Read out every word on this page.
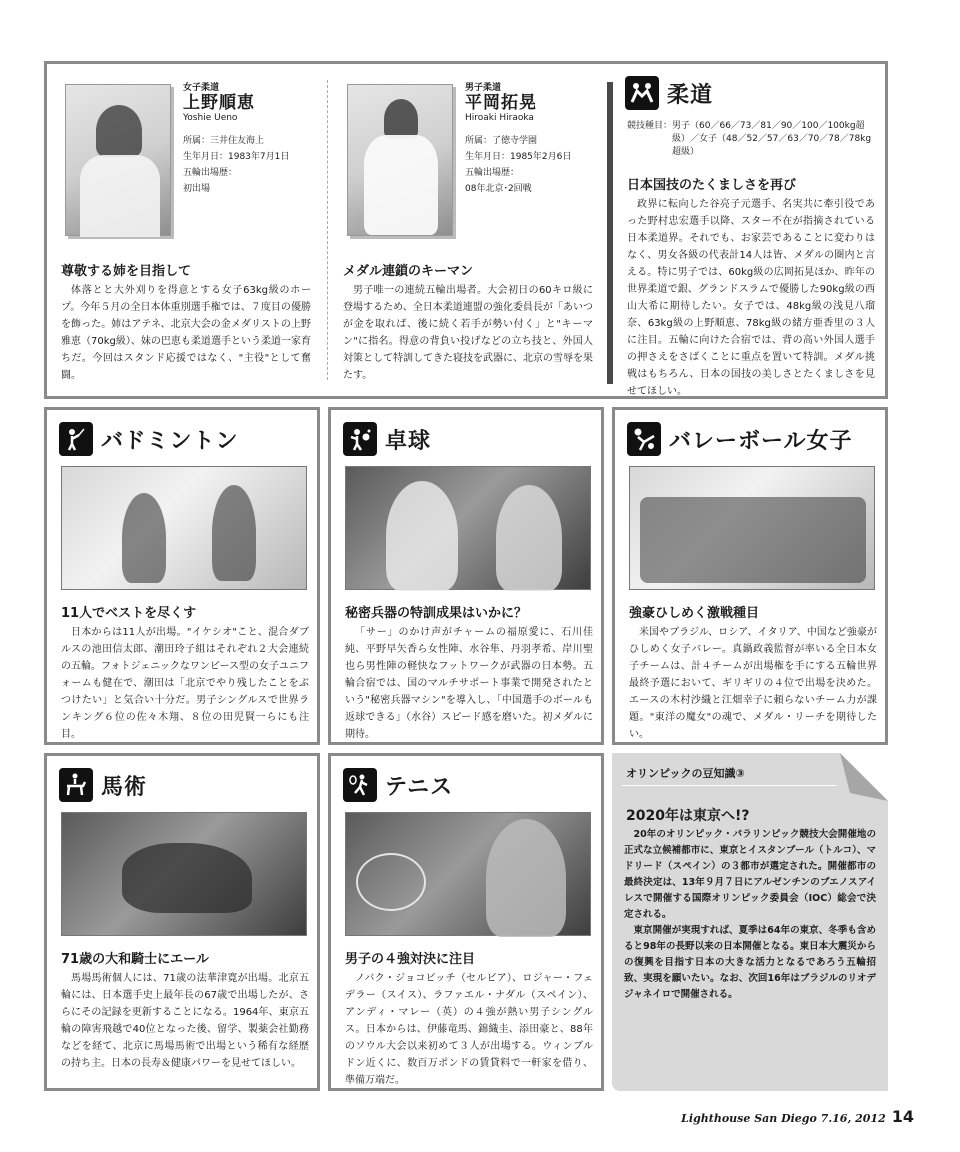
女子柔道
上野順恵
Yoshie Ueno
所属：三井住友海上
生年月日：1983年7月1日
五輪出場歴：
初出場
尊敬する姉を目指して
体落とと大外刈りを得意とする女子63kg級のホープ。今年５月の全日本体重別選手権では、７度目の優勝を飾った。姉はアテネ、北京大会の金メダリストの上野雅恵（70kg級）、妹の巴恵も柔道選手という柔道一家育ちだ。今回はスタンド応援ではなく、"主役"として奮闘。
男子柔道
平岡拓晃
Hiroaki Hiraoka
所属：了徳寺学園
生年月日：1985年2月6日
五輪出場歴：
08年北京･2回戦
メダル連鎖のキーマン
男子唯一の連続五輪出場者。大会初日の60キロ級に登場するため、全日本柔道連盟の強化委員長が「あいつが金を取れば、後に続く若手が勢い付く」と"キーマン"に指名。得意の背負い投げなどの立ち技と、外国人対策として特訓してきた寝技を武器に、北京の雪辱を果たす。
柔道
競技種目： 男子（60／66／73／81／90／100／100kg超級）／女子（48／52／57／63／70／78／78kg超級）
日本国技のたくましさを再び
政界に転向した谷亮子元選手、名実共に牽引役であった野村忠宏選手以降、スター不在が指摘されている日本柔道界。それでも、お家芸であることに変わりはなく、男女各級の代表計14人は皆、メダルの圏内と言える。特に男子では、60kg級の広岡拓晃ほか、昨年の世界柔道で銀、グランドスラムで優勝した90kg級の西山大希に期待したい。女子では、48kg級の浅見八瑠奈、63kg級の上野順恵、78kg級の緒方亜香里の３人に注目。五輪に向けた合宿では、背の高い外国人選手の押さえをさばくことに重点を置いて特訓。メダル挑戦はもちろん、日本の国技の美しさとたくましさを見せてほしい。
バドミントン
11人でベストを尽くす
日本からは11人が出場。"イケシオ"こと、混合ダブルスの池田信太郎、潮田玲子組はそれぞれ２大会連続の五輪。フォトジェニックなワンピース型の女子ユニフォームも健在で、潮田は「北京でやり残したことをぶつけたい」と気合い十分だ。男子シングルスで世界ランキング６位の佐々木翔、８位の田児賢一らにも注目。
卓球
秘密兵器の特訓成果はいかに？
「サー」のかけ声がチャームの福原愛に、石川佳純、平野早矢香ら女性陣、水谷隼、丹羽孝希、岸川聖也ら男性陣の軽快なフットワークが武器の日本勢。五輪合宿では、国のマルチサポート事業で開発されたという"秘密兵器マシン"を導入し、「中国選手のボールも返球できる」（水谷）スピード感を磨いた。初メダルに期待。
バレーボール女子
強豪ひしめく激戦種目
米国やブラジル、ロシア、イタリア、中国など強豪がひしめく女子バレー。真鍋政義監督が率いる全日本女子チームは、計４チームが出場権を手にする五輪世界最終予選において、ギリギリの４位で出場を決めた。エースの木村沙織と江畑幸子に頼らないチーム力が課題。"東洋の魔女"の魂で、メダル・リーチを期待したい。
馬術
71歳の大和騎士にエール
馬場馬術個人には、71歳の法華津寛が出場。北京五輪には、日本選手史上最年長の67歳で出場したが、さらにその記録を更新することになる。1964年、東京五輪の障害飛越で40位となった後、留学、製薬会社勤務などを経て、北京に馬場馬術で出場という稀有な経歴の持ち主。日本の長寿＆健康パワーを見せてほしい。
テニス
男子の４強対決に注目
ノバク・ジョコビッチ（セルビア）、ロジャー・フェデラー（スイス）、ラファエル・ナダル（スペイン）、アンディ・マレー（英）の４強が熱い男子シングルス。日本からは、伊藤竜馬、錦織圭、添田豪と、88年のソウル大会以来初めて３人が出場する。ウィンブルドン近くに、数百万ポンドの賃貸料で一軒家を借り、準備万端だ。
オリンピックの豆知識③
2020年は東京へ!?
20年のオリンピック・パラリンピック競技大会開催地の正式な立候補都市に、東京とイスタンブール（トルコ）、マドリード（スペイン）の３都市が選定された。開催都市の最終決定は、13年９月７日にアルゼンチンのブエノスアイレスで開催する国際オリンピック委員会（IOC）総会で決定される。
東京開催が実現すれば、夏季は64年の東京、冬季も含めると98年の長野以来の日本開催となる。東日本大震災からの復興を目指す日本の大きな活力となるであろう五輪招致、実現を願いたい。なお、次回16年はブラジルのリオデジャネイロで開催される。
Lighthouse San Diego 7.16, 2012 14
